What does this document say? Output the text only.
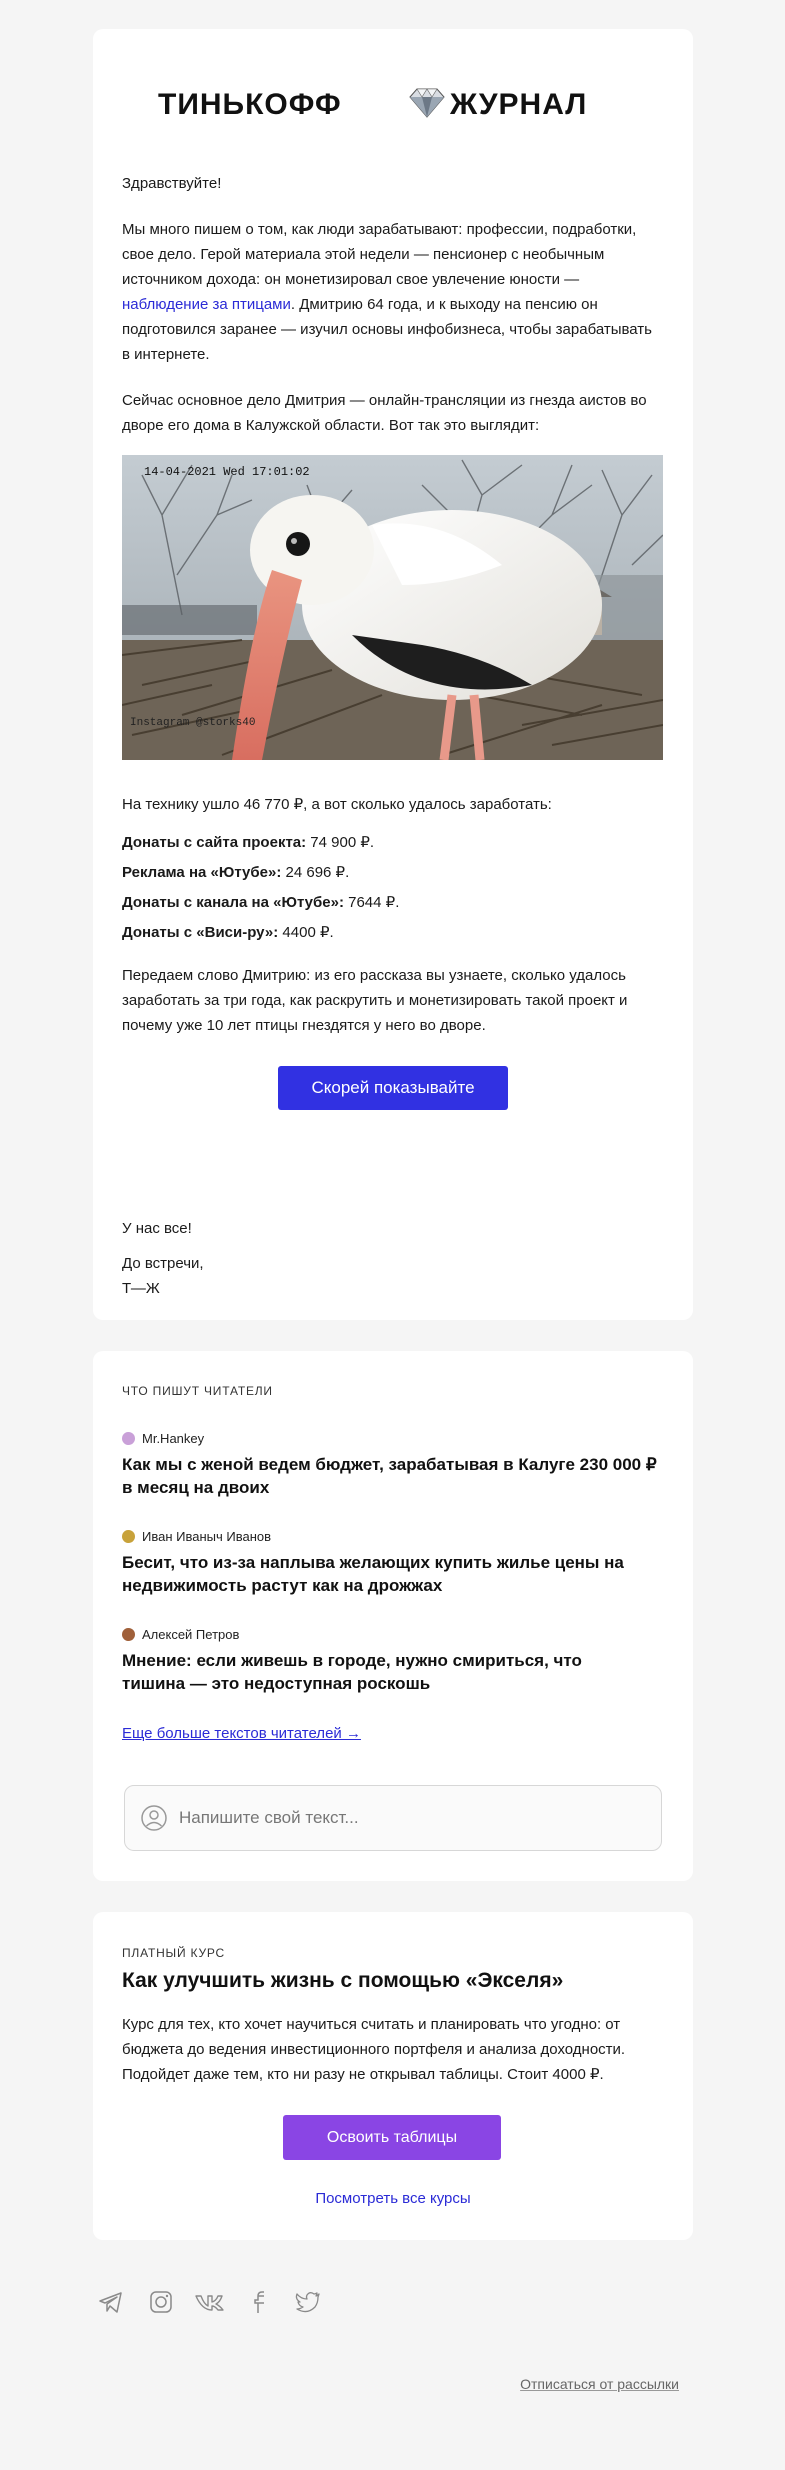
ТИНЬКОФФ	ЖУРНАЛ
Здравствуйте!
Мы много пишем о том, как люди зарабатывают: профессии, подработки, свое дело. Герой материала этой недели — пенсионер с необычным источником дохода: он монетизировал свое увлечение юности — наблюдение за птицами. Дмитрию 64 года, и к выходу на пенсию он подготовился заранее — изучил основы инфобизнеса, чтобы зарабатывать в интернете.
Сейчас основное дело Дмитрия — онлайн-трансляции из гнезда аистов во дворе его дома в Калужской области. Вот так это выглядит:
14-04-2021 Wed 17:01:02
Instagram @storks40
На технику ушло 46 770 ₽, а вот сколько удалось заработать:
Донаты с сайта проекта: 74 900 ₽.
Реклама на «Ютубе»: 24 696 ₽.
Донаты с канала на «Ютубе»: 7644 ₽.
Донаты с «Виси-ру»: 4400 ₽.
Передаем слово Дмитрию: из его рассказа вы узнаете, сколько удалось заработать за три года, как раскрутить и монетизировать такой проект и почему уже 10 лет птицы гнездятся у него во дворе.
Скорей показывайте
У нас все!
До встречи,
Т—Ж
ЧТО ПИШУТ ЧИТАТЕЛИ
Mr.Hankey
Как мы с женой ведем бюджет, зарабатывая в Калуге 230 000 ₽ в месяц на двоих
Иван Иваныч Иванов
Бесит, что из-за наплыва желающих купить жилье цены на недвижимость растут как на дрожжах
Алексей Петров
Мнение: если живешь в городе, нужно смириться, что тишина — это недоступная роскошь
Еще больше текстов читателей →
Напишите свой текст...
ПЛАТНЫЙ КУРС
Как улучшить жизнь с помощью «Экселя»
Курс для тех, кто хочет научиться считать и планировать что угодно: от бюджета до ведения инвестиционного портфеля и анализа доходности. Подойдет даже тем, кто ни разу не открывал таблицы. Стоит 4000 ₽.
Освоить таблицы
Посмотреть все курсы
Отписаться от рассылки
